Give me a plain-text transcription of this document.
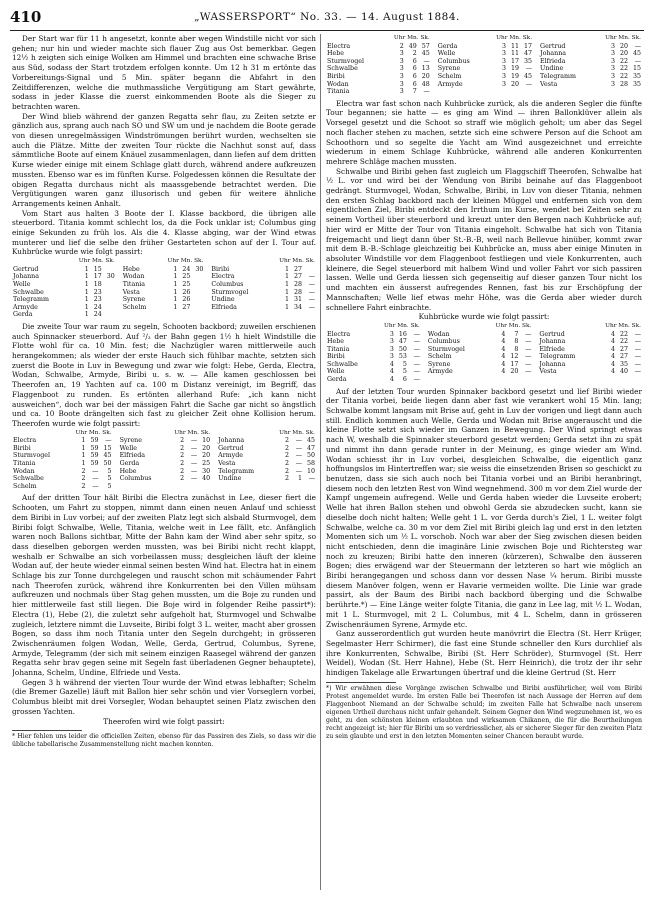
410	„WASSERSPORT“ No. 33. — 14. August 1884.

Der Start war für 11 h angesetzt, konnte aber wegen Windstille nicht vor sich gehen; nur hin und wieder machte sich flauer Zug aus Ost bemerkbar. Gegen 12½ h zeigten sich einige Wolken am Himmel und brachten eine schwache Brise aus Süd, sodass der Start trotzdem erfolgen konnte. Um 12 h 31 m ertönte das Vorbereitungs-Signal und 5 Min. später begann die Abfahrt in den Zeitdifferenzen, welche die muthmassliche Vergütigung am Start gewährte, sodass in jeder Klasse die zuerst einkommenden Boote als die Sieger zu betrachten waren.

Der Wind blieb während der ganzen Regatta sehr flau, zu Zeiten setzte er gänzlich aus, sprang auch nach SO und SW um und je nachdem die Boote gerade von diesen unregelmässigen Windströmungen berührt wurden, wechselten sie auch die Plätze. Mitte der zweiten Tour rückte die Nachhut sonst auf, dass sämmtliche Boote auf einem Knäuel zusammenlagen, dann liefen auf dem dritten Kurse wieder einige mit einem Schlage glatt durch, während andere aufkreuzen mussten. Ebenso war es im fünften Kurse. Folgedessen können die Resultate der obigen Regatta durchaus nicht als maassgebende betrachtet werden. Die Vergütigungen waren ganz illusorisch und geben für weitere ähnliche Arrangements keinen Anhalt.

Vom Start aus halten 3 Boote der I. Klasse backbord, die übrigen alle steuerbord. Titania kommt schlecht los, da die Fock unklar ist; Columbus ging einige Sekunden zu früh los. Als die 4. Klasse abging, war der Wind etwas munterer und lief die selbe den früher Gestarteten schon auf der I. Tour auf. Kuhbrücke wurde wie folgt passirt:

Uhr Mn. Sk.					Uhr Mn. Sk.					Uhr Mn. Sk.			
Gertrud	1	15			Hebe	1	24	30		Biribi	1	27	
Johanna	1	17	30		Wodan	1	25			Electra	1	27	—
Welle	1	18			Titania	1	25			Columbus	1	28	—
Schwalbe	1	23			Vesta	1	26			Sturmvogel	1	28	—
Telegramm	1	23			Syrene	1	26			Undine	1	31	—
Armyde	1	24			Schelm	1	27			Elfrieda	1	34	—
Gerda	1	24											

Die zweite Tour war raum zu segeln, Schooten backbord; zuweilen erschienen auch Spinnacker steuerbord. Auf ²/₃ der Bahn gegen 1½ h hielt Windstille die Flotte wohl für ca. 10 Min. fest; die Nachzügler waren mittlerweile auch herangekommen; als wieder der erste Hauch sich fühlbar machte, setzten sich zuerst die Boote in Luv in Bewegung und zwar wie folgt: Hebe, Gerda, Electra, Wodan, Schwalbe, Armyde, Biribi u. s. w. — Alle kamen geschlossen bei Theerofen an, 19 Yachten auf ca. 100 m Distanz vereinigt, im Begriff, das Flaggenboot zu runden. Es ertönten allerhand Rufe: „ich kann nicht ausweichen“, doch war bei der mässigen Fahrt die Sache gar nicht so ängstlich und ca. 10 Boote drängelten sich fast zu gleicher Zeit ohne Kollision herum. Theerofen wurde wie folgt passirt:

Uhr Mn. Sk.					Uhr Mn. Sk.					Uhr Mn. Sk.			
Electra	1	59	—		Syrene	2	—	10		Johanna	2	—	45
Biribi	1	59	15		Welle	2	—	20		Gertrud	2	—	47
Sturmvogel	1	59	45		Elfrieda	2	—	20		Armyde	2	—	50
Titania	1	59	50		Gerda	2	—	25		Vesta	2	—	58
Wodan	2	—	5		Hebe	2	—	30		Telegramm	2	—	10
Schwalbe	2	—	5		Columbus	2	—	40		Undine	2	1	—
Schelm	2	—	5										

Auf der dritten Tour hält Biribi die Electra zunächst in Lee, dieser fiert die Schooten, um Fahrt zu stoppen, nimmt dann einen neuen Anlauf und schiesst dem Biribi in Luv vorbei; auf der zweiten Platz legt sich alsbald Sturmvogel, dem Biribi folgt Schwalbe, Welle, Titania, welche weit in Lee fällt, etc. Anfänglich waren noch Ballons sichtbar, Mitte der Bahn kam der Wind aber sehr spitz, so dass dieselben geborgen werden mussten, was bei Biribi nicht recht klappt, weshalb er Schwalbe an sich vorbeilassen muss; desgleichen läuft der kleine Wodan auf, der heute wieder einmal seinen besten Wind hat. Electra hat in einem Schlage bis zur Tonne durchgelegen und rauscht schon mit schäumender Fahrt nach Theerofen zurück, während ihre Konkurrenten bei den Villen mühsam aufkreuzen und nochmals über Stag gehen mussten, um die Boje zu runden und hier mittlerweile fast still liegen. Die Boje wird in folgender Reihe passirt*): Electra (1), Hebe (2), die zuletzt sehr aufgeholt hat, Sturmvogel und Schwalbe zugleich, letztere nimmt die Luvseite, Biribi folgt 3 L. weiter, macht aber grossen Bogen, so dass ihm noch Titania unter den Segeln durchgeht; in grösseren Zwischenräumen folgen Wodan, Welle, Gerda, Gertrud, Columbus, Syrene, Armyde, Telegramm (der sich mit seinem einzigen Raasegel während der ganzen Regatta sehr brav gegen seine mit Segeln fast überladenen Gegner behauptete), Johanna, Schelm, Undine, Elfriede und Vesta.

Gegen 3 h während der vierten Tour wurde der Wind etwas lebhafter; Schelm (die Bremer Gazelle) läuft mit Ballon hier sehr schön und vier Vorseglern vorbei, Columbus bleibt mit drei Vorsegler, Wodan behauptet seinen Platz zwischen den grossen Yachten.

Theerofen wird wie folgt passirt:

* Hier fehlen uns leider die officiellen Zeiten, ebenso für das Passiren des Ziels, so dass wir die übliche tabellarische Zusammenstellung nicht machen konnten.
Uhr Mn. Sk.					Uhr Mn. Sk.					Uhr Mn. Sk.			
Electra	2	49	57		Gerda	3	11	17		Gertrud	3	20	—
Hebe	3	2	45		Welle	3	11	47		Johanna	3	20	45
Sturmvogel	3	6	—		Columbus	3	17	35		Elfrieda	3	22	—
Schwalbe	3	6	13		Syrene	3	19	—		Undine	3	22	15
Biribi	3	6	20		Schelm	3	19	45		Telegramm	3	22	35
Wodan	3	6	48		Armyde	3	20	—		Vesta	3	28	35
Titania	3	7	—										

Electra war fast schon nach Kuhbrücke zurück, als die anderen Segler die fünfte Tour begannen; sie hatte — es ging am Wind — ihren Ballonklüver allein als Vorsegel gesetzt und die Schoot so straff wie möglich geholt; um aber das Segel noch flacher stehen zu machen, setzte sich eine schwere Person auf die Schoot am Schoothorn und so segelte die Yacht am Wind ausgezeichnet und erreichte wiederum in einem Schlage Kuhbrücke, während alle anderen Konkurrenten mehrere Schläge machen mussten.

Schwalbe und Biribi gehen fast zugleich um Flaggschiff Theerofen, Schwalbe hat ½ L. vor und wird bei der Wendung von Biribi beinahe auf das Flaggenboot gedrängt. Sturmvogel, Wodan, Schwalbe, Biribi, in Luv von dieser Titania, nehmen den ersten Schlag backbord nach der kleinen Müggel und entfernen sich von dem eigentlichen Ziel, Biribi entdeckt den Irrthum im Kurse, wendet bei Zeiten sehr zu seinem Vortheil über steuerbord und kreuzt unter den Bergen nach Kuhbrücke auf; hier wird er Mitte der Tour von Titania eingeholt. Schwalbe hat sich von Titania freigemacht und liegt dann über St.-B.-B, weil nach Bellevue hinüber, kommt zwar mit dem B.-B.-Schlage gleichzeitig bei Kuhbrücke an, muss aber einige Minuten in absoluter Windstille vor dem Flaggenboot festliegen und viele Konkurrenten, auch kleinere, die Segel steuerbord mit halbem Wind und voller Fahrt vor sich passiren lassen. Welle und Gerda liessen sich gegenseitig auf dieser ganzen Tour nicht los und machten ein äusserst aufregendes Rennen, fast bis zur Erschöpfung der Mannschaften; Welle lief etwas mehr Höhe, was die Gerda aber wieder durch schnellere Fahrt einbrachte.

Kuhbrücke wurde wie folgt passirt:

Uhr Mn. Sk.					Uhr Mn. Sk.					Uhr Mn. Sk.			
Electra	3	16	—		Wodan	4	7	—		Gertrud	4	22	—
Hebe	3	47	—		Columbus	4	8	—		Johanna	4	22	—
Titania	3	50	—		Sturmvogel	4	8	—		Elfriede	4	27	—
Biribi	3	53	—		Schelm	4	12	—		Telegramm	4	27	—
Schwalbe	4	5	—		Syrene	4	17	—		Johanna	4	35	—
Welle	4	5	—		Armyde	4	20	—		Vesta	4	40	—
Gerda	4	6	—										

Auf der letzten Tour wurden Spinnaker backbord gesetzt und lief Biribi wieder der Titania vorbei, beide liegen dann aber fast wie verankert wohl 15 Min. lang; Schwalbe kommt langsam mit Brise auf, geht in Luv der vorigen und liegt dann auch still. Endlich kommen auch Welle, Gerda und Wodan mit Brise angerauscht und die kleine Flotte setzt sich wieder im Ganzen in Bewegung. Der Wind springt etwas nach W, weshalb die Spinnaker steuerbord gesetzt werden; Gerda setzt ihn zu spät und nimmt ihn dann gerade runter in der Meinung, es ginge wieder am Wind. Wodan schiesst ihr in Luv vorbei, desgleichen Schwalbe, die eigentlich ganz hoffnungslos im Hintertreffen war; sie weiss die einsetzenden Brisen so geschickt zu benutzen, dass sie sich auch noch bei Titania vorbei und an Biribi heranbringt, diesem noch den letzten Rest von Wind wegnehmend. 300 m vor dem Ziel wurde der Kampf ungemein aufregend. Welle und Gerda haben wieder die Luvseite erobert; Welle hat ihren Ballon stehen und obwohl Gerda sie abzudecken sucht, kann sie dieselbe doch nicht halten; Welle geht 1 L. vor Gerda durch's Ziel, 1 L. weiter folgt Schwalbe, welche ca. 30 m vor dem Ziel mit Biribi gleich lag und erst in den letzten Momenten sich um ½ L. vorschob. Noch war aber der Sieg zwischen diesen beiden nicht entschieden, denn die imaginäre Linie zwischen Boje und Richtersteg war noch zu kreuzen; Biribi hatte den inneren (kürzeren), Schwalbe den äusseren Bogen; dies erwägend war der Steuermann der letzteren so hart wie möglich an Biribi herangegangen und schoss dann vor dessen Nase ¼ herum. Biribi musste diesem Manöver folgen, wenn er Havarie vermeiden wollte. Die Linie war grade passirt, als der Baum des Biribi nach backbord überging und die Schwalbe berührte.*) — Eine Länge weiter folgte Titania, die ganz in Lee lag, mit ½ L. Wodan, mit 1 L. Sturmvogel, mit 2 L. Columbus, mit 4 L. Schelm, dann in grösseren Zwischenräumen Syrene, Armyde etc.

Ganz ausserordentlich gut wurden heute manövrirt die Electra (St. Herr Krüger, Segelmaster Herr Schirmer), die fast eine Stunde schneller den Kurs durchlief als ihre Konkurrenten, Schwalbe, Biribi (St. Herr Schröder), Sturmvogel (St. Herr Weidel), Wodan (St. Herr Hahne), Hebe (St. Herr Heinrich), die trotz der ihr sehr hindigen Takelage alle Erwartungen übertraf und die kleine Gertrud (St. Herr

*) Wir erwähnen diese Vorgänge zwischen Schwalbe und Biribi ausführlicher, weil vom Biribi Protest angemeldet wurde. Im ersten Falle bei Theerofen ist nach Aussage der Herren auf dem Flaggenboot Niemand an der Schwalbe schuld; im zweiten Falle hat Schwalbe nach unserem eigenen Urtheil durchaus nicht unfair gehandelt. Seinem Gegner den Wind wegzunehmen ist, wo es geht, zu den schönsten kleinen erlaubten und wirksamen Chikanen, die für die Beurtheilungen recht angezeigt ist; hier für Biribi um so verdriesslicher, als er sicherer Sieger für den zweiten Platz zu sein glaubte und erst in den letzten Momenten seiner Chancen beraubt wurde.
